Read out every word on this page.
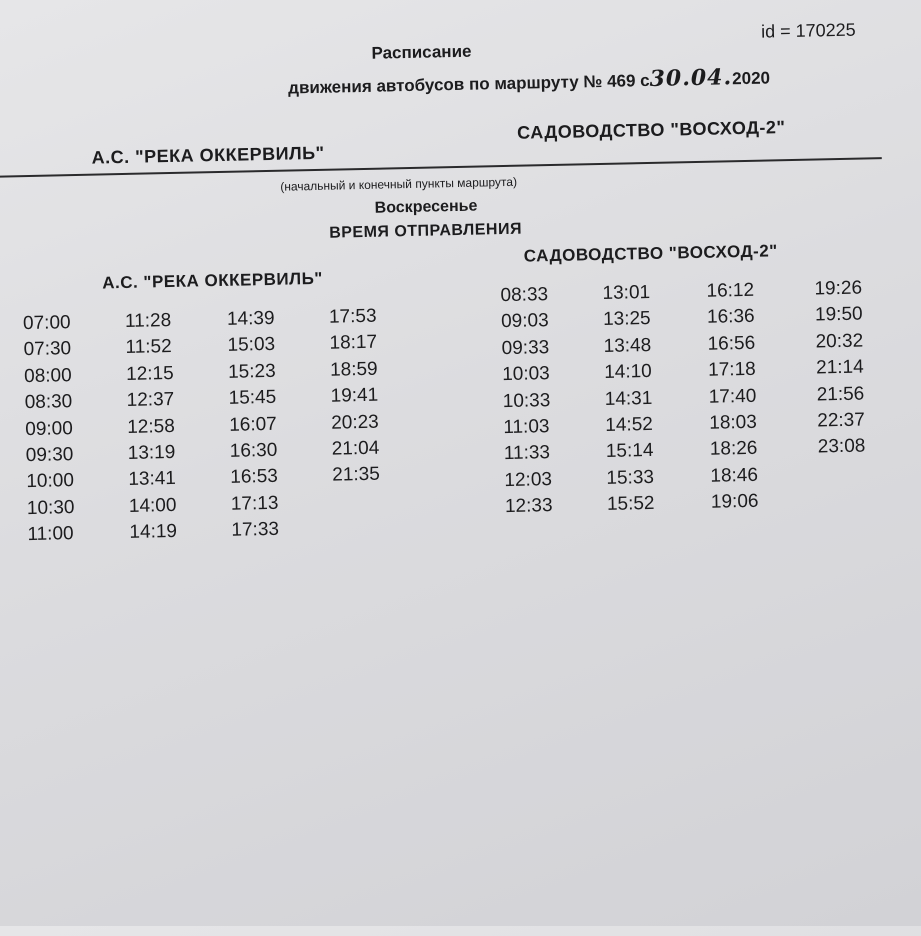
id = 170225
Расписание
движения автобусов по маршруту № 469 с30.04.2020
А.С. "РЕКА ОККЕРВИЛЬ"
САДОВОДСТВО "ВОСХОД-2"
(начальный и конечный пункты маршрута)
Воскресенье
ВРЕМЯ ОТПРАВЛЕНИЯ
А.С. "РЕКА ОККЕРВИЛЬ"
САДОВОДСТВО "ВОСХОД-2"
07:00
07:30
08:00
08:30
09:00
09:30
10:00
10:30
11:00
11:28
11:52
12:15
12:37
12:58
13:19
13:41
14:00
14:19
14:39
15:03
15:23
15:45
16:07
16:30
16:53
17:13
17:33
17:53
18:17
18:59
19:41
20:23
21:04
21:35
08:33
09:03
09:33
10:03
10:33
11:03
11:33
12:03
12:33
13:01
13:25
13:48
14:10
14:31
14:52
15:14
15:33
15:52
16:12
16:36
16:56
17:18
17:40
18:03
18:26
18:46
19:06
19:26
19:50
20:32
21:14
21:56
22:37
23:08
